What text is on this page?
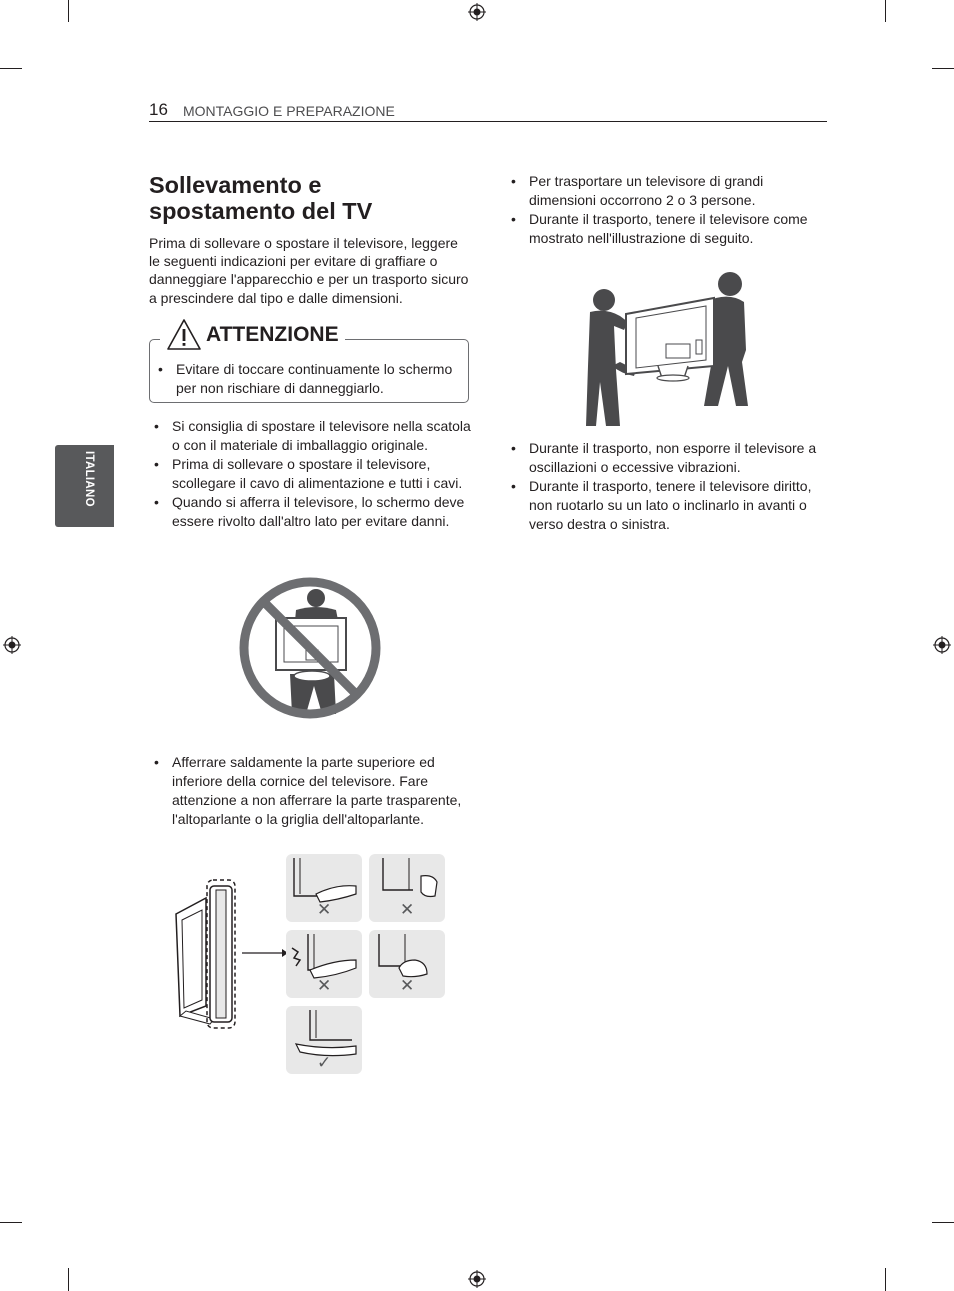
16 MONTAGGIO E PREPARAZIONE
ITALIANO
Sollevamento e spostamento del TV
Prima di sollevare o spostare il televisore, leggere le seguenti indicazioni per evitare di graffiare o danneggiare l'apparecchio e per un trasporto sicuro a prescindere dal tipo e dalle dimensioni.
ATTENZIONE
• Evitare di toccare continuamente lo schermo per non rischiare di danneggiarlo.
• Si consiglia di spostare il televisore nella scatola o con il materiale di imballaggio originale.
• Prima di sollevare o spostare il televisore, scollegare il cavo di alimentazione e tutti i cavi.
• Quando si afferra il televisore, lo schermo deve essere rivolto dall'altro lato per evitare danni.
• Afferrare saldamente la parte superiore ed inferiore della cornice del televisore. Fare attenzione a non afferrare la parte trasparente, l'altoparlante o la griglia dell'altoparlante.
✕	✕
✕	✕
✓
• Per trasportare un televisore di grandi dimensioni occorrono 2 o 3 persone.
• Durante il trasporto, tenere il televisore come mostrato nell'illustrazione di seguito.
• Durante il trasporto, non esporre il televisore a oscillazioni o eccessive vibrazioni.
• Durante il trasporto, tenere il televisore diritto, non ruotarlo su un lato o inclinarlo in avanti o verso destra o sinistra.
